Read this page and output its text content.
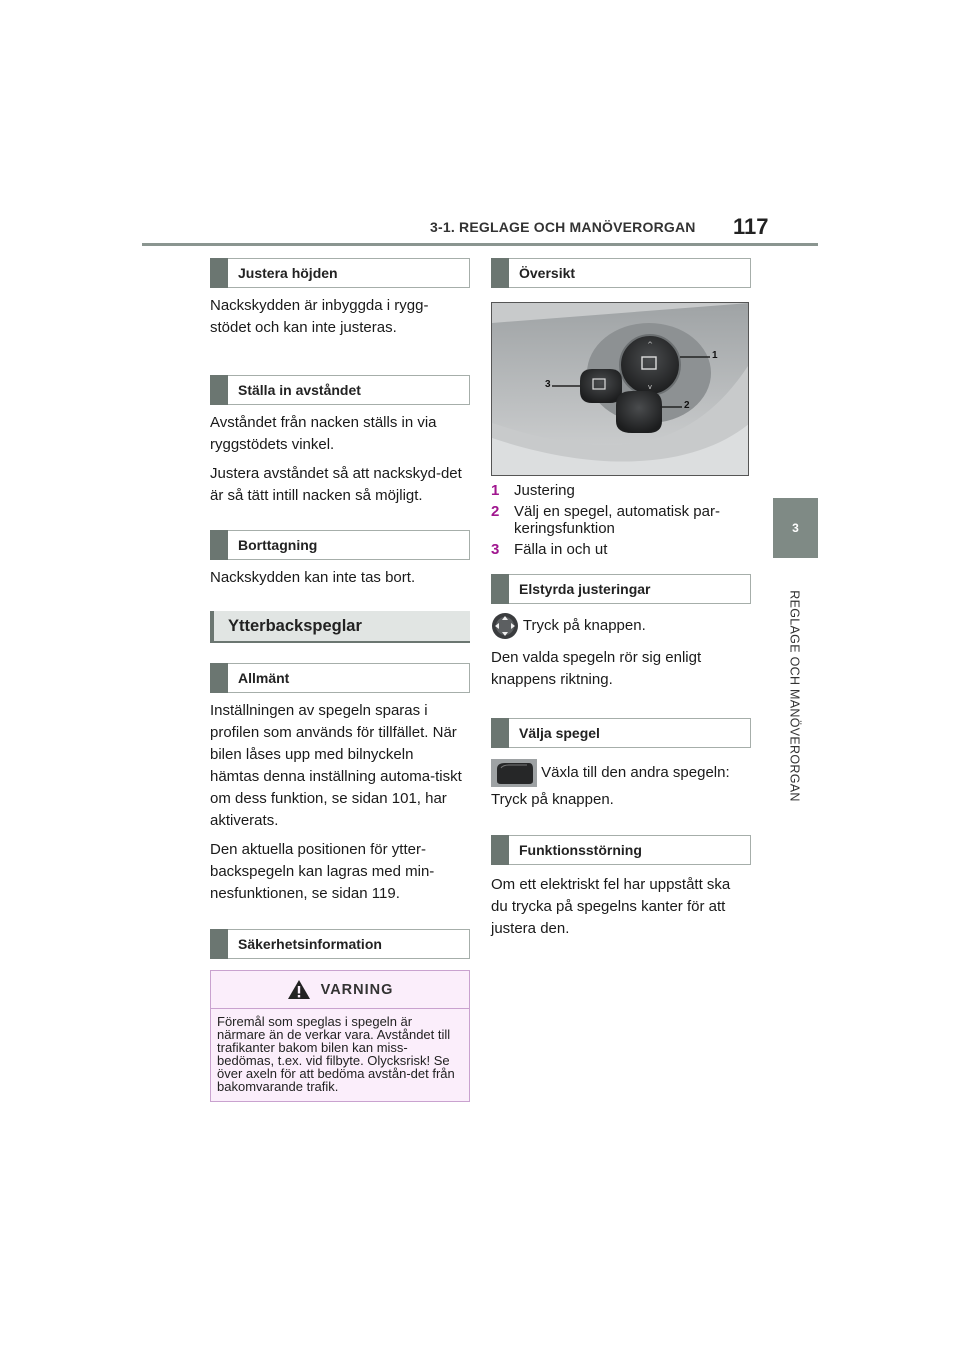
3-1. REGLAGE OCH MANÖVERORGAN 117
3
REGLAGE OCH MANÖVERORGAN
Justera höjden

Nackskydden är inbyggda i rygg-stödet och kan inte justeras.

Ställa in avståndet

Avståndet från nacken ställs in via ryggstödets vinkel.

Justera avståndet så att nackskyd-det är så tätt intill nacken så möjligt.

Borttagning

Nackskydden kan inte tas bort.

Ytterbackspeglar
Allmänt

Inställningen av spegeln sparas i profilen som används för tillfället. När bilen låses upp med bilnyckeln hämtas denna inställning automa-tiskt om dess funktion, se sidan 101, har aktiverats.

Den aktuella positionen för ytter-backspegeln kan lagras med min-nesfunktionen, se sidan 119.

Säkerhetsinformation
VARNING

Föremål som speglas i spegeln är närmare än de verkar vara. Avståndet till trafikanter bakom bilen kan miss-bedömas, t.ex. vid filbyte. Olycksrisk! Se över axeln för att bedöma avstån-det från bakomvarande trafik.

Översikt
^
v
1
2
3
1 Justering
2 Välj en spegel, automatisk par-keringsfunktion
3 Fälla in och ut
Elstyrda justeringar

Tryck på knappen.

Den valda spegeln rör sig enligt knappens riktning.

Välja spegel

Växla till den andra spegeln:

Tryck på knappen.

Funktionsstörning

Om ett elektriskt fel har uppstått ska du trycka på spegelns kanter för att justera den.
